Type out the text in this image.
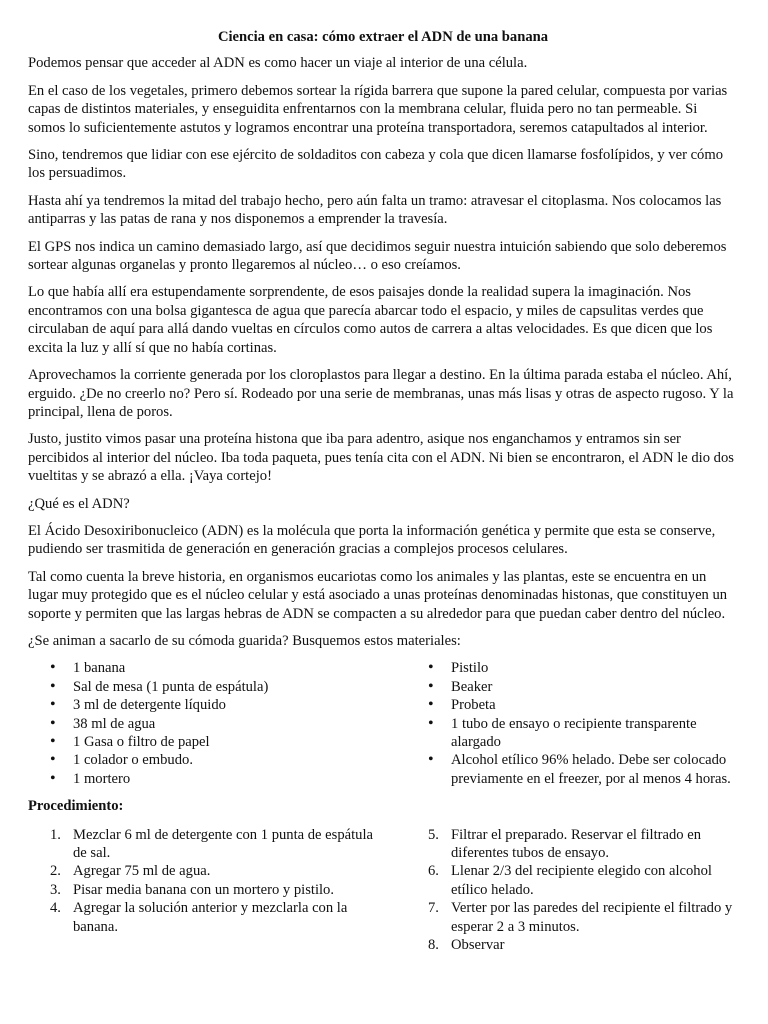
Ciencia en casa: cómo extraer el ADN de una banana

Podemos pensar que acceder al ADN es como hacer un viaje al interior de una célula.

En el caso de los vegetales, primero debemos sortear la rígida barrera que supone la pared celular, compuesta por varias capas de distintos materiales, y enseguidita enfrentarnos con la membrana celular, fluida pero no tan permeable. Si somos lo suficientemente astutos y logramos encontrar una proteína transportadora, seremos catapultados al interior.

Sino, tendremos que lidiar con ese ejército de soldaditos con cabeza y cola que dicen llamarse fosfolípidos, y ver cómo los persuadimos.

Hasta ahí ya tendremos la mitad del trabajo hecho, pero aún falta un tramo: atravesar el citoplasma. Nos colocamos las antiparras y las patas de rana y nos disponemos a emprender la travesía.

El GPS nos indica un camino demasiado largo, así que decidimos seguir nuestra intuición sabiendo que solo deberemos sortear algunas organelas y pronto llegaremos al núcleo… o eso creíamos.

Lo que había allí era estupendamente sorprendente, de esos paisajes donde la realidad supera la imaginación. Nos encontramos con una bolsa gigantesca de agua que parecía abarcar todo el espacio, y miles de capsulitas verdes que circulaban de aquí para allá dando vueltas en círculos como autos de carrera a altas velocidades. Es que dicen que los excita la luz y allí sí que no había cortinas.

Aprovechamos la corriente generada por los cloroplastos para llegar a destino. En la última parada estaba el núcleo. Ahí, erguido. ¿De no creerlo no? Pero sí. Rodeado por una serie de membranas, unas más lisas y otras de aspecto rugoso. Y la principal, llena de poros.

Justo, justito vimos pasar una proteína histona que iba para adentro, asique nos enganchamos y entramos sin ser percibidos al interior del núcleo. Iba toda paqueta, pues tenía cita con el ADN. Ni bien se encontraron, el ADN le dio dos vueltitas y se abrazó a ella. ¡Vaya cortejo!

¿Qué es el ADN?

El Ácido Desoxiribonucleico (ADN) es la molécula que porta la información genética y permite que esta se conserve, pudiendo ser trasmitida de generación en generación gracias a complejos procesos celulares.

Tal como cuenta la breve historia, en organismos eucariotas como los animales y las plantas, este se encuentra en un lugar muy protegido que es el núcleo celular y está asociado a unas proteínas denominadas histonas, que constituyen un soporte y permiten que las largas hebras de ADN se compacten a su alrededor para que puedan caber dentro del núcleo.

¿Se animan a sacarlo de su cómoda guarida? Busquemos estos materiales:

• 1 banana
• Sal de mesa (1 punta de espátula)
• 3 ml de detergente líquido
• 38 ml de agua
• 1 Gasa o filtro de papel
• 1 colador o embudo.
• 1 mortero
• Pistilo
• Beaker
• Probeta
• 1 tubo de ensayo o recipiente transparente alargado
• Alcohol etílico 96% helado. Debe ser colocado previamente en el freezer, por al menos 4 horas.
Procedimiento:
1. Mezclar 6 ml de detergente con 1 punta de espátula de sal.
2. Agregar 75 ml de agua.
3. Pisar media banana con un mortero y pistilo.
4. Agregar la solución anterior y mezclarla con la banana.
5. Filtrar el preparado. Reservar el filtrado en diferentes tubos de ensayo.
6. Llenar 2/3 del recipiente elegido con alcohol etílico helado.
7. Verter por las paredes del recipiente el filtrado y esperar 2 a 3 minutos.
8. Observar
